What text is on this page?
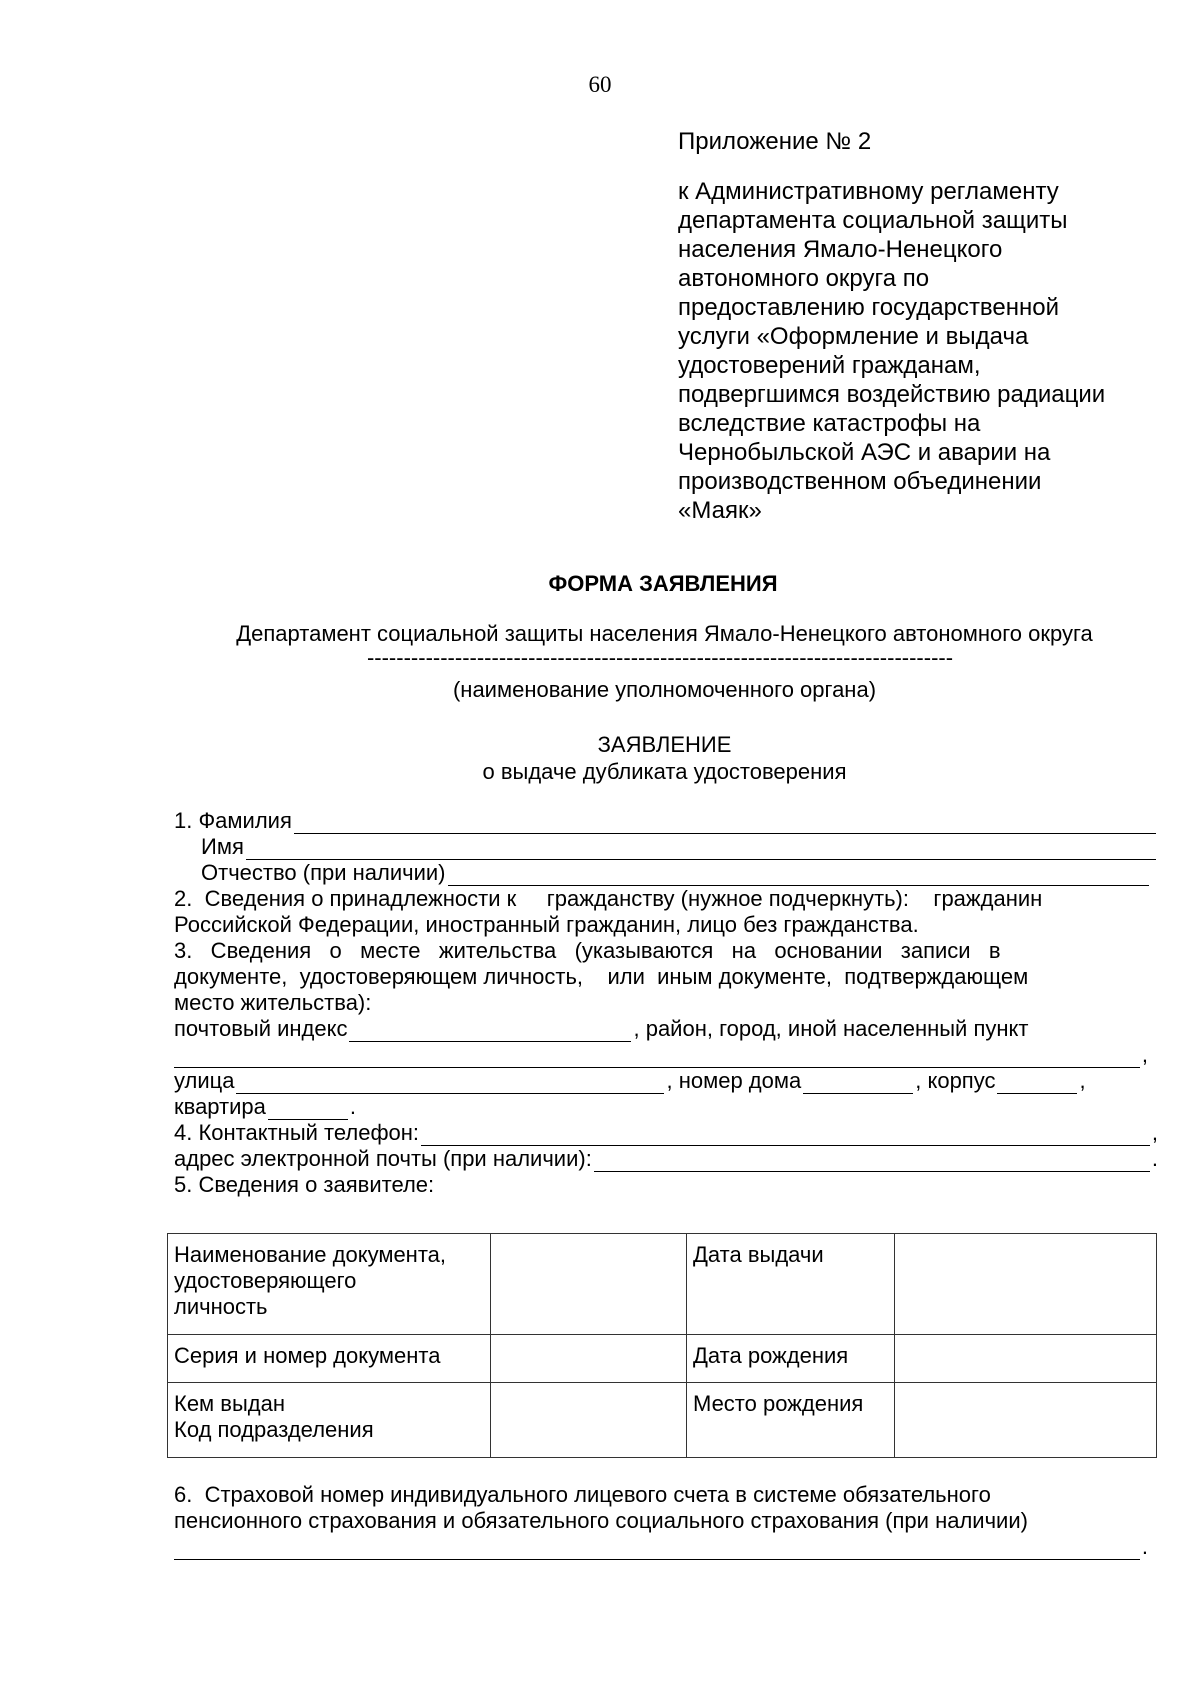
60
Приложение № 2
к Административному регламенту
департамента социальной защиты
населения Ямало-Ненецкого
автономного округа по
предоставлению государственной
услуги «Оформление и выдача
удостоверений гражданам,
подвергшимся воздействию радиации
вследствие катастрофы на
Чернобыльской АЭС и аварии на
производственном объединении
«Маяк»
ФОРМА ЗАЯВЛЕНИЯ
Департамент социальной защиты населения Ямало-Ненецкого автономного округа
--------------------------------------------------------------------------------
(наименование уполномоченного органа)
ЗАЯВЛЕНИЕ
о выдаче дубликата удостоверения
1. Фамилия
Имя
Отчество (при наличии)
2.  Сведения о принадлежности к     гражданству (нужное подчеркнуть):    гражданин
Российской Федерации, иностранный гражданин, лицо без гражданства.
3.   Сведения   о   месте   жительства   (указываются   на   основании   записи   в
документе,  удостоверяющем личность,    или  иным документе,  подтверждающем
место жительства):
почтовый индекс	, район, город, иной населенный пункт
,
улица	, номер дома	, корпус	,
квартира	.
4. Контактный телефон:	,
адрес электронной почты (при наличии):	.
5. Сведения о заявителе:
Наименование документа,
удостоверяющего
личность		Дата выдачи	
Серия и номер документа		Дата рождения	

Кем выдан
Код подразделения		Место рождения	
6.  Страховой номер индивидуального лицевого счета в системе обязательного
пенсионного страхования и обязательного социального страхования (при наличии)
.
